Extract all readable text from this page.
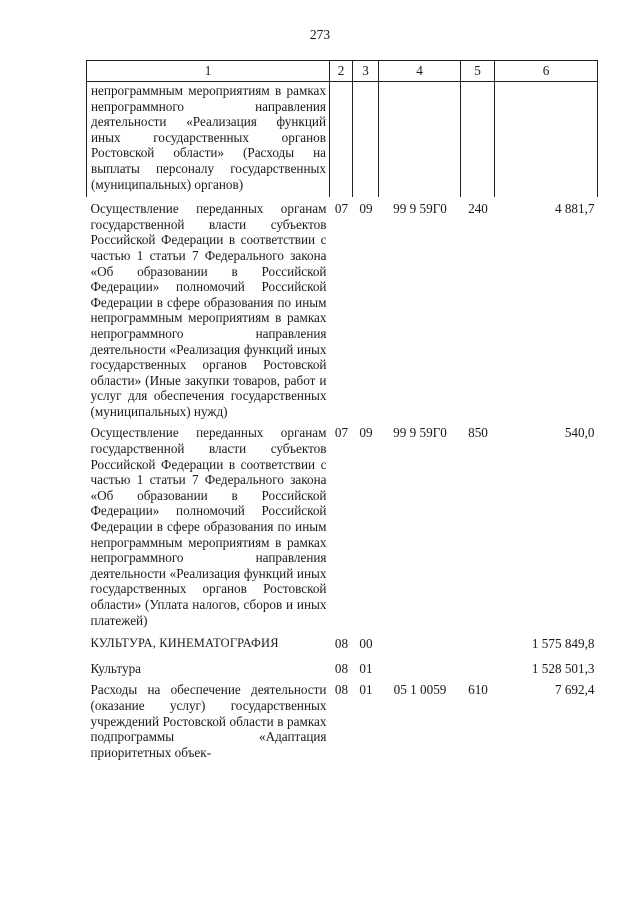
273
1	2	3	4	5	6
непрограммным мероприятиям в рамках непрограммного направления деятельности «Реализация функций иных государственных органов Ростовской области» (Расходы на выплаты персоналу государственных (муниципальных) органов)					
Осуществление переданных органам государственной власти субъектов Российской Федерации в соответствии с частью 1 статьи 7 Федерального закона «Об образовании в Российской Федерации» полномочий Российской Федерации в сфере образования по иным непрограммным мероприятиям в рамках непрограммного направления деятельности «Реализация функций иных государственных органов Ростовской области» (Иные закупки товаров, работ и услуг для обеспечения государственных (муниципальных) нужд)	07	09	99 9 59Г0	240	4 881,7
Осуществление переданных органам государственной власти субъектов Российской Федерации в соответствии с частью 1 статьи 7 Федерального закона «Об образовании в Российской Федерации» полномочий Российской Федерации в сфере образования по иным непрограммным мероприятиям в рамках непрограммного направления деятельности «Реализация функций иных государственных органов Ростовской области» (Уплата налогов, сборов и иных платежей)	07	09	99 9 59Г0	850	540,0
КУЛЬТУРА, КИНЕМАТОГРАФИЯ	08	00			1 575 849,8
Культура	08	01			1 528 501,3
Расходы на обеспечение деятельности (оказание услуг) государственных учреждений Ростовской области в рамках подпрограммы «Адаптация приоритетных объек-	08	01	05 1 0059	610	7 692,4
